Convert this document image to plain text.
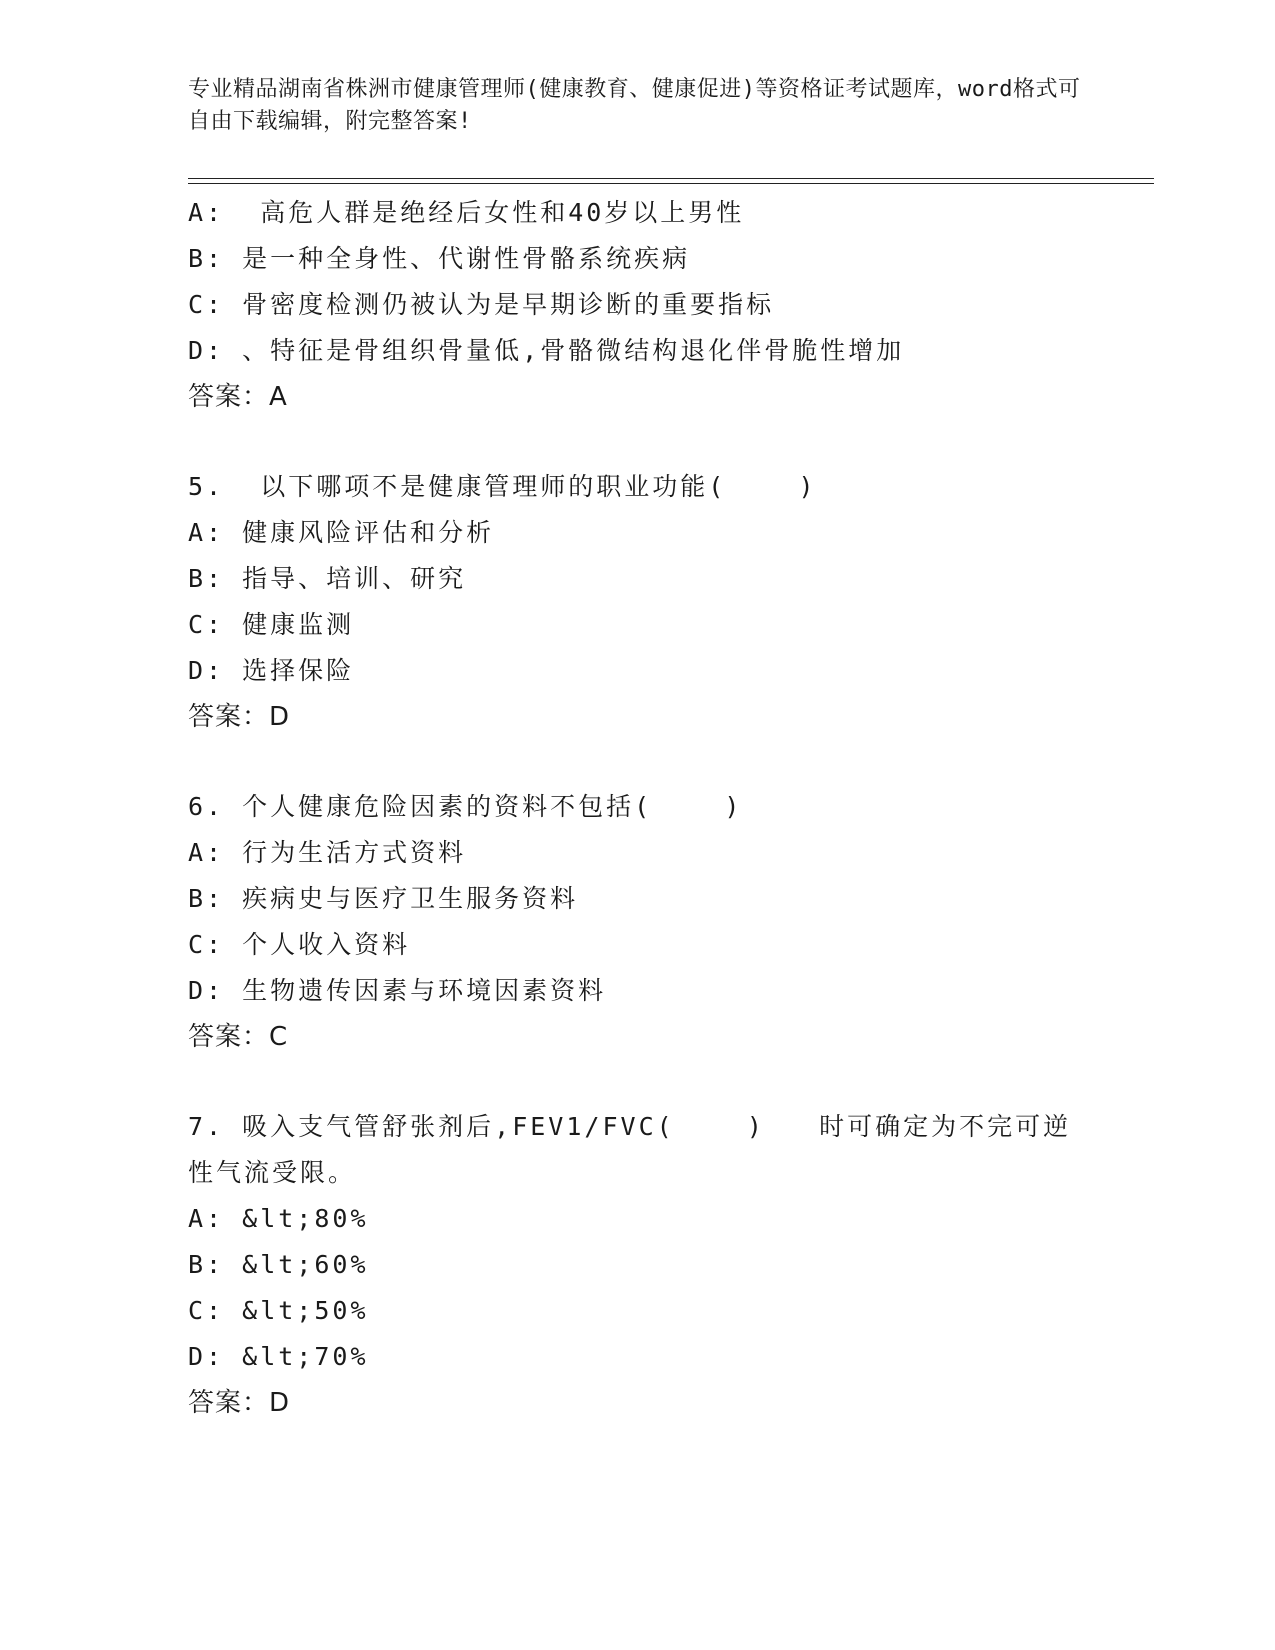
专业精品湖南省株洲市健康管理师(健康教育、健康促进)等资格证考试题库，word格式可自由下载编辑，附完整答案!
A:  高危人群是绝经后女性和40岁以上男性
B: 是一种全身性、代谢性骨骼系统疾病
C: 骨密度检测仍被认为是早期诊断的重要指标
D: 、特征是骨组织骨量低,骨骼微结构退化伴骨脆性增加
答案：A
5.  以下哪项不是健康管理师的职业功能(    )
A: 健康风险评估和分析
B: 指导、培训、研究
C: 健康监测
D: 选择保险
答案：D
6. 个人健康危险因素的资料不包括(    )
A: 行为生活方式资料
B: 疾病史与医疗卫生服务资料
C: 个人收入资料
D: 生物遗传因素与环境因素资料
答案：C
7. 吸入支气管舒张剂后,FEV1/FVC(    )   时可确定为不完可逆性气流受限。
A: &lt;80%
B: &lt;60%
C: &lt;50%
D: &lt;70%
答案：D
